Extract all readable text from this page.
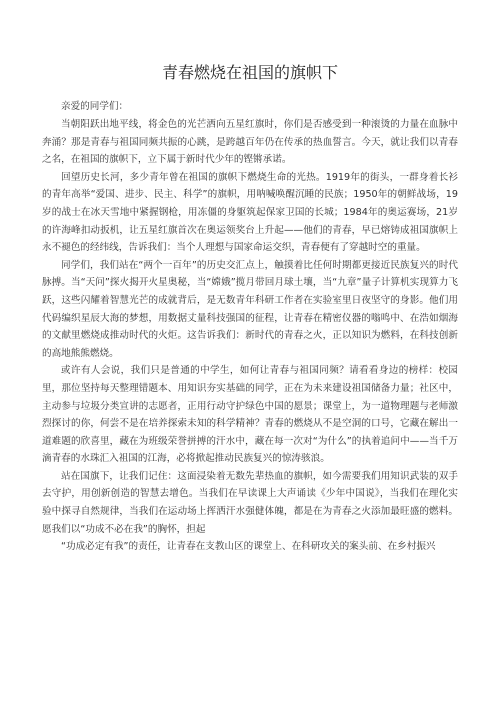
青春燃烧在祖国的旗帜下

亲爱的同学们：

当朝阳跃出地平线，将金色的光芒洒向五星红旗时，你们是否感受到一种滚烫的力量在血脉中奔涌？那是青春与祖国同频共振的心跳，是跨越百年仍在传承的热血誓言。今天，就让我们以青春之名，在祖国的旗帜下，立下属于新时代少年的铿锵承诺。

回望历史长河，多少青年曾在祖国的旗帜下燃烧生命的光热。1919年的街头，一群身着长衫的青年高举“爱国、进步、民主、科学”的旗帜，用呐喊唤醒沉睡的民族；1950年的朝鲜战场，19岁的战士在冰天雪地中紧握钢枪，用冻僵的身躯筑起保家卫国的长城；1984年的奥运赛场，21岁的许海峰扣动扳机，让五星红旗首次在奥运领奖台上升起——他们的青春，早已熔铸成祖国旗帜上永不褪色的经纬线，告诉我们：当个人理想与国家命运交织，青春便有了穿越时空的重量。

同学们，我们站在“两个一百年”的历史交汇点上，触摸着比任何时期都更接近民族复兴的时代脉搏。当“天问”探火揭开火星奥秘，当“嫦娥”揽月带回月球土壤，当“九章”量子计算机实现算力飞跃，这些闪耀着智慧光芒的成就背后，是无数青年科研工作者在实验室里日夜坚守的身影。他们用代码编织星辰大海的梦想，用数据丈量科技强国的征程，让青春在精密仪器的嗡鸣中、在浩如烟海的文献里燃烧成推动时代的火炬。这告诉我们：新时代的青春之火，正以知识为燃料，在科技创新的高地熊熊燃烧。

或许有人会说，我们只是普通的中学生，如何让青春与祖国同频？请看看身边的榜样：校园里，那位坚持每天整理错题本、用知识夯实基础的同学，正在为未来建设祖国储备力量；社区中，主动参与垃圾分类宣讲的志愿者，正用行动守护绿色中国的愿景；课堂上，为一道物理题与老师激烈探讨的你，何尝不是在培养探索未知的科学精神？青春的燃烧从不是空洞的口号，它藏在解出一道难题的欣喜里，藏在为班级荣誉拼搏的汗水中，藏在每一次对“为什么”的执着追问中——当千万滴青春的水珠汇入祖国的江海，必将掀起推动民族复兴的惊涛骇浪。

站在国旗下，让我们记住：这面浸染着无数先辈热血的旗帜，如今需要我们用知识武装的双手去守护，用创新创造的智慧去增色。当我们在早读课上大声诵读《少年中国说》，当我们在理化实验中探寻自然规律，当我们在运动场上挥洒汗水强健体魄，都是在为青春之火添加最旺盛的燃料。愿我们以“功成不必在我”的胸怀，担起

“功成必定有我”的责任，让青春在支教山区的课堂上、在科研攻关的案头前、在乡村振兴
